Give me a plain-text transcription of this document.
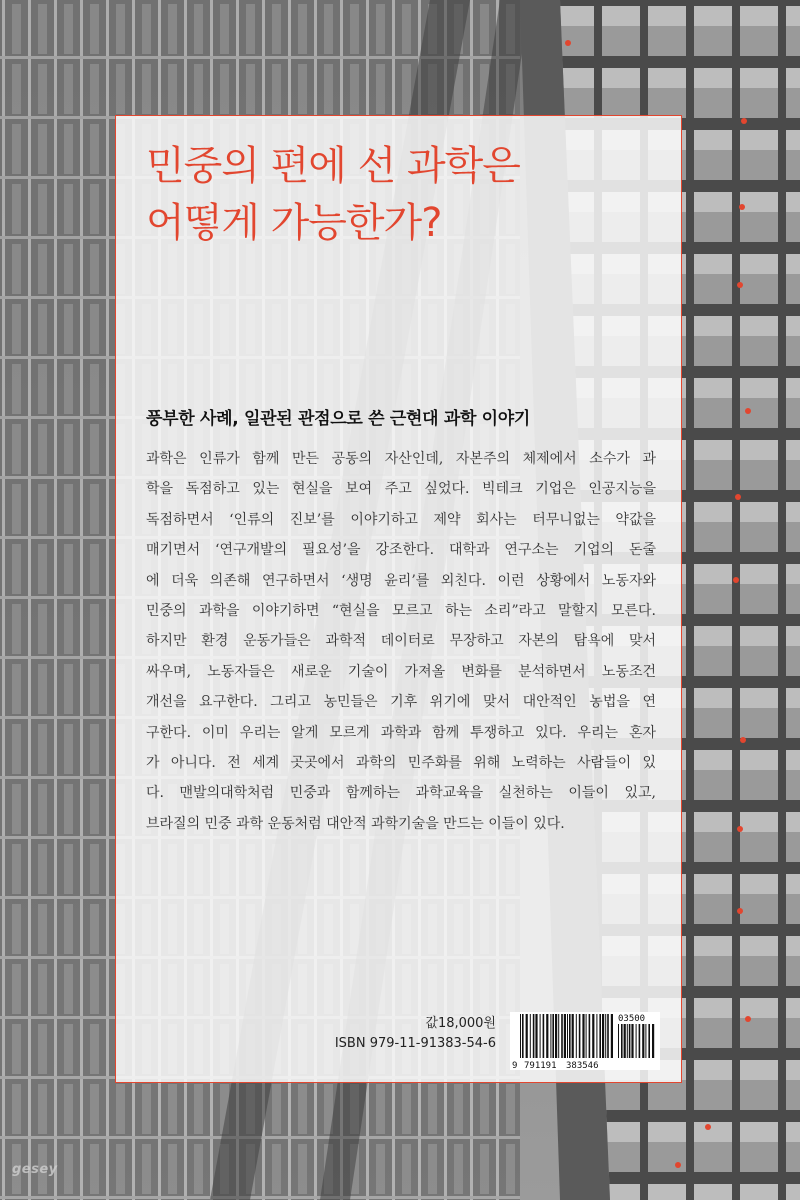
민중의 편에 선 과학은
어떻게 가능한가?
풍부한 사례, 일관된 관점으로 쓴 근현대 과학 이야기
과학은 인류가 함께 만든 공동의 자산인데, 자본주의 체제에서 소수가 과
학을 독점하고 있는 현실을 보여 주고 싶었다. 빅테크 기업은 인공지능을
독점하면서 ‘인류의 진보’를 이야기하고 제약 회사는 터무니없는 약값을
매기면서 ‘연구개발의 필요성’을 강조한다. 대학과 연구소는 기업의 돈줄
에 더욱 의존해 연구하면서 ‘생명 윤리’를 외친다. 이런 상황에서 노동자와
민중의 과학을 이야기하면 “현실을 모르고 하는 소리”라고 말할지 모른다.
하지만 환경 운동가들은 과학적 데이터로 무장하고 자본의 탐욕에 맞서
싸우며, 노동자들은 새로운 기술이 가져올 변화를 분석하면서 노동조건
개선을 요구한다. 그리고 농민들은 기후 위기에 맞서 대안적인 농법을 연
구한다. 이미 우리는 알게 모르게 과학과 함께 투쟁하고 있다. 우리는 혼자
가 아니다. 전 세계 곳곳에서 과학의 민주화를 위해 노력하는 사람들이 있
다. 맨발의대학처럼 민중과 함께하는 과학교육을 실천하는 이들이 있고,
브라질의 민중 과학 운동처럼 대안적 과학기술을 만드는 이들이 있다.
값18,000원
ISBN 979-11-91383-54-6
9 791191 383546
03500
gesey
